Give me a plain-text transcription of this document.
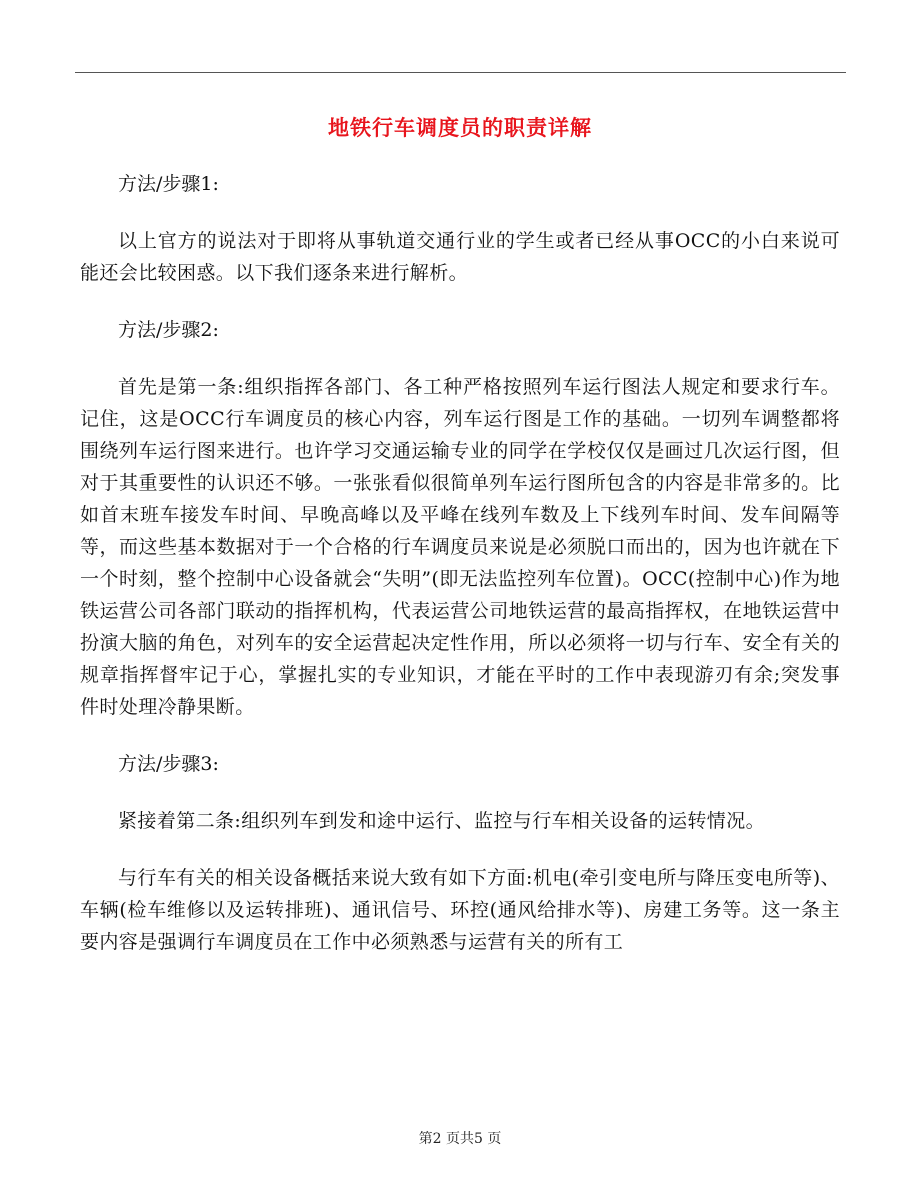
地铁行车调度员的职责详解

方法/步骤1:

以上官方的说法对于即将从事轨道交通行业的学生或者已经从事OCC的小白来说可能还会比较困惑。以下我们逐条来进行解析。

方法/步骤2:

首先是第一条:组织指挥各部门、各工种严格按照列车运行图法人规定和要求行车。记住，这是OCC行车调度员的核心内容，列车运行图是工作的基础。一切列车调整都将围绕列车运行图来进行。也许学习交通运输专业的同学在学校仅仅是画过几次运行图，但对于其重要性的认识还不够。一张张看似很简单列车运行图所包含的内容是非常多的。比如首末班车接发车时间、早晚高峰以及平峰在线列车数及上下线列车时间、发车间隔等等，而这些基本数据对于一个合格的行车调度员来说是必须脱口而出的，因为也许就在下一个时刻，整个控制中心设备就会“失明”(即无法监控列车位置)。OCC(控制中心)作为地铁运营公司各部门联动的指挥机构，代表运营公司地铁运营的最高指挥权，在地铁运营中扮演大脑的角色，对列车的安全运营起决定性作用，所以必须将一切与行车、安全有关的规章指挥督牢记于心，掌握扎实的专业知识，才能在平时的工作中表现游刃有余;突发事件时处理冷静果断。

方法/步骤3:

紧接着第二条:组织列车到发和途中运行、监控与行车相关设备的运转情况。

与行车有关的相关设备概括来说大致有如下方面:机电(牵引变电所与降压变电所等)、车辆(检车维修以及运转排班)、通讯信号、环控(通风给排水等)、房建工务等。这一条主要内容是强调行车调度员在工作中必须熟悉与运营有关的所有工

第2 页共5 页
